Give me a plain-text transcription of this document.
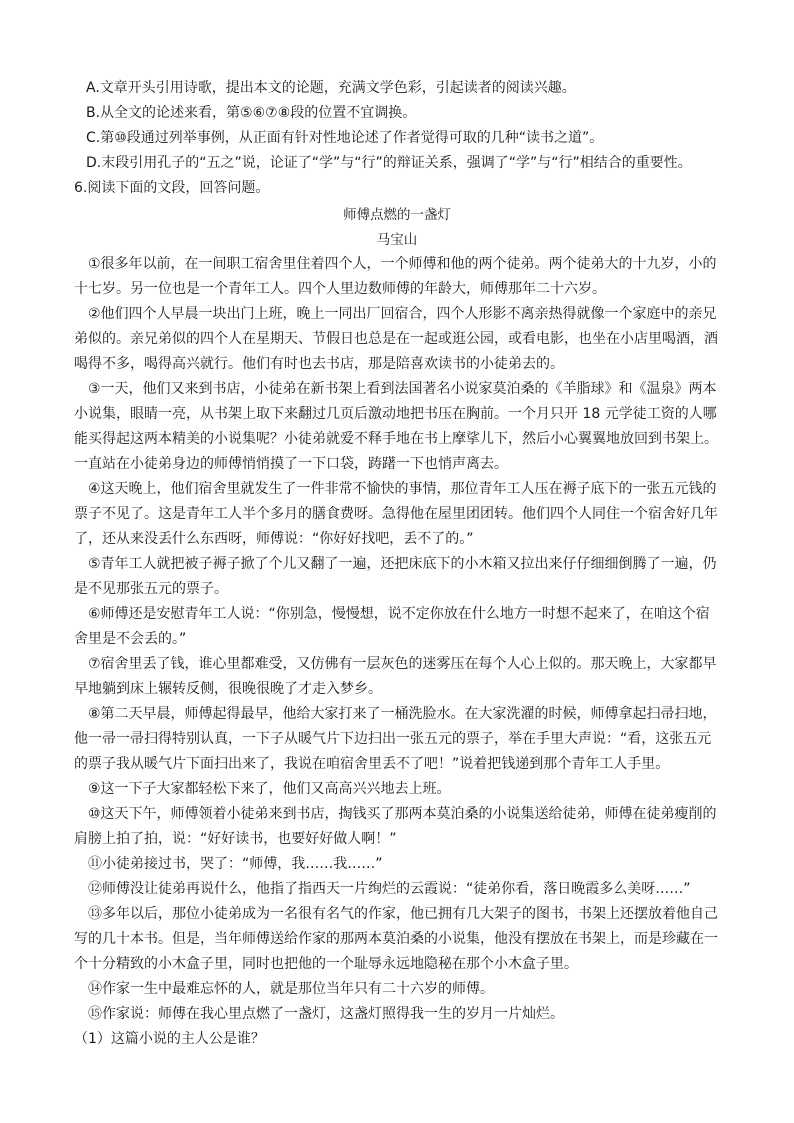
A.文章开头引用诗歌，提出本文的论题，充满文学色彩，引起读者的阅读兴趣。
B.从全文的论述来看，第⑤⑥⑦⑧段的位置不宜调换。
C.第⑩段通过列举事例，从正面有针对性地论述了作者觉得可取的几种“读书之道”。
D.末段引用孔子的“五之”说，论证了“学”与“行”的辩证关系，强调了“学”与“行”相结合的重要性。
6.阅读下面的文段，回答问题。
师傅点燃的一盏灯
马宝山
①很多年以前，在一间职工宿舍里住着四个人，一个师傅和他的两个徒弟。两个徒弟大的十九岁，小的
十七岁。另一位也是一个青年工人。四个人里边数师傅的年龄大，师傅那年二十六岁。
②他们四个人早晨一块出门上班，晚上一同出厂回宿合，四个人形影不离亲热得就像一个家庭中的亲兄
弟似的。亲兄弟似的四个人在星期天、节假日也总是在一起或逛公园，或看电影，也坐在小店里喝酒，酒
喝得不多，喝得高兴就行。他们有时也去书店，那是陪喜欢读书的小徒弟去的。
③一天，他们又来到书店，小徒弟在新书架上看到法国著名小说家莫泊桑的《羊脂球》和《温泉》两本
小说集，眼睛一亮，从书架上取下来翻过几页后激动地把书压在胸前。一个月只开 18 元学徒工资的人哪
能买得起这两本精美的小说集呢？小徒弟就爱不释手地在书上摩挲儿下，然后小心翼翼地放回到书架上。
一直站在小徒弟身边的师傅悄悄摸了一下口袋，踌躇一下也悄声离去。
④这天晚上，他们宿舍里就发生了一件非常不愉快的事情，那位青年工人压在褥子底下的一张五元钱的
票子不见了。这是青年工人半个多月的膳食费呀。急得他在屋里团团转。他们四个人同住一个宿舍好几年
了，还从来没丢什么东西呀，师傅说：“你好好找吧，丢不了的。”
⑤青年工人就把被子褥子掀了个儿又翻了一遍，还把床底下的小木箱又拉出来仔仔细细倒腾了一遍，仍
是不见那张五元的票子。
⑥师傅还是安慰青年工人说：“你别急，慢慢想，说不定你放在什么地方一时想不起来了，在咱这个宿
舍里是不会丢的。”
⑦宿舍里丢了钱，谁心里都难受，又仿佛有一层灰色的迷雾压在每个人心上似的。那天晚上，大家都早
早地躺到床上辗转反侧，很晚很晚了才走入梦乡。
⑧第二天早晨，师傅起得最早，他给大家打来了一桶洗脸水。在大家洗濯的时候，师傅拿起扫帚扫地，
他一帚一帚扫得特别认真，一下子从暖气片下边扫出一张五元的票子，举在手里大声说：“看，这张五元
的票子我从暖气片下面扫出来了，我说在咱宿舍里丢不了吧！”说着把钱递到那个青年工人手里。
⑨这一下子大家都轻松下来了，他们又高高兴兴地去上班。
⑩这天下午，师傅领着小徒弟来到书店，掏钱买了那两本莫泊桑的小说集送给徒弟，师傅在徒弟瘦削的
肩膀上拍了拍，说：“好好读书，也要好好做人啊！”
⑪小徒弟接过书，哭了：“师傅，我……我……”
⑫师傅没让徒弟再说什么，他指了指西天一片绚烂的云霞说：“徒弟你看，落日晚霞多么美呀……”
⑬多年以后，那位小徒弟成为一名很有名气的作家，他已拥有几大架子的图书，书架上还摆放着他自己
写的几十本书。但是，当年师傅送给作家的那两本莫泊桑的小说集，他没有摆放在书架上，而是珍藏在一
个十分精致的小木盒子里，同时也把他的一个耻辱永远地隐秘在那个小木盒子里。
⑭作家一生中最难忘怀的人，就是那位当年只有二十六岁的师傅。
⑮作家说：师傅在我心里点燃了一盏灯，这盏灯照得我一生的岁月一片灿烂。
（1）这篇小说的主人公是谁？
